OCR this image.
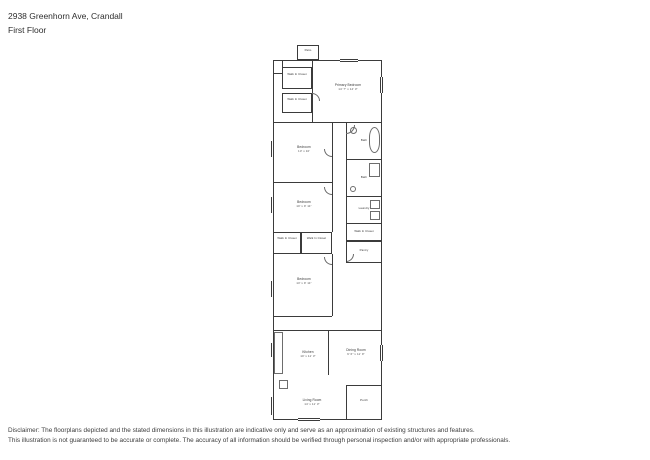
2938 Greenhorn Ave, Crandall
First Floor
Patio
Primary Bedroom
14' 7" x 14' 3"
Walk In Closet
Walk In Closet
Bedroom
13' x 10'
Bath
Bedroom
10' x 9' 11"
Bath
Walk In Closet	Walk In Closet
Laundry
Bedroom
13' x 9' 11"
Walk In Closet
Pantry
Kitchen
10' x 11' 3"
Dining Room
9' 6" x 11' 9"
Porch
Living Room
14' x 11' 3"
Disclaimer: The floorplans depicted and the stated dimensions in this illustration are indicative only and serve as an approximation of existing structures and features.
This illustration is not guaranteed to be accurate or complete. The accuracy of all information should be verified through personal inspection and/or with appropriate professionals.
